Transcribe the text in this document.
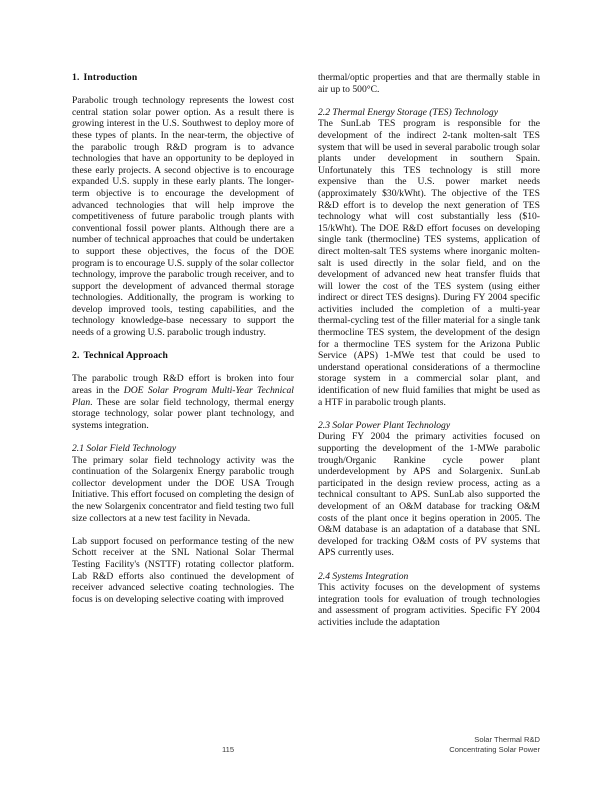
1. Introduction

Parabolic trough technology represents the lowest cost central station solar power option. As a result there is growing interest in the U.S. Southwest to deploy more of these types of plants. In the near-term, the objective of the parabolic trough R&D program is to advance technologies that have an opportunity to be deployed in these early projects. A second objective is to encourage expanded U.S. supply in these early plants. The longer-term objective is to encourage the development of advanced technologies that will help improve the competitiveness of future parabolic trough plants with conventional fossil power plants. Although there are a number of technical approaches that could be undertaken to support these objectives, the focus of the DOE program is to encourage U.S. supply of the solar collector technology, improve the parabolic trough receiver, and to support the development of advanced thermal storage technologies. Additionally, the program is working to develop improved tools, testing capabilities, and the technology knowledge-base necessary to support the needs of a growing U.S. parabolic trough industry.

2. Technical Approach

The parabolic trough R&D effort is broken into four areas in the DOE Solar Program Multi-Year Technical Plan. These are solar field technology, thermal energy storage technology, solar power plant technology, and systems integration.

2.1 Solar Field Technology

The primary solar field technology activity was the continuation of the Solargenix Energy parabolic trough collector development under the DOE USA Trough Initiative. This effort focused on completing the design of the new Solargenix concentrator and field testing two full size collectors at a new test facility in Nevada.

Lab support focused on performance testing of the new Schott receiver at the SNL National Solar Thermal Testing Facility's (NSTTF) rotating collector platform. Lab R&D efforts also continued the development of receiver advanced selective coating technologies. The focus is on developing selective coating with improved

thermal/optic properties and that are thermally stable in air up to 500°C.

2.2 Thermal Energy Storage (TES) Technology

The SunLab TES program is responsible for the development of the indirect 2-tank molten-salt TES system that will be used in several parabolic trough solar plants under development in southern Spain. Unfortunately this TES technology is still more expensive than the U.S. power market needs (approximately $30/kWht). The objective of the TES R&D effort is to develop the next generation of TES technology what will cost substantially less ($10-15/kWht). The DOE R&D effort focuses on developing single tank (thermocline) TES systems, application of direct molten-salt TES systems where inorganic molten-salt is used directly in the solar field, and on the development of advanced new heat transfer fluids that will lower the cost of the TES system (using either indirect or direct TES designs). During FY 2004 specific activities included the completion of a multi-year thermal-cycling test of the filler material for a single tank thermocline TES system, the development of the design for a thermocline TES system for the Arizona Public Service (APS) 1-MWe test that could be used to understand operational considerations of a thermocline storage system in a commercial solar plant, and identification of new fluid families that might be used as a HTF in parabolic trough plants.

2.3 Solar Power Plant Technology

During FY 2004 the primary activities focused on supporting the development of the 1-MWe parabolic trough/Organic Rankine cycle power plant underdevelopment by APS and Solargenix. SunLab participated in the design review process, acting as a technical consultant to APS. SunLab also supported the development of an O&M database for tracking O&M costs of the plant once it begins operation in 2005. The O&M database is an adaptation of a database that SNL developed for tracking O&M costs of PV systems that APS currently uses.

2.4 Systems Integration

This activity focuses on the development of systems integration tools for evaluation of trough technologies and assessment of program activities. Specific FY 2004 activities include the adaptation

115
Solar Thermal R&D
Concentrating Solar Power
